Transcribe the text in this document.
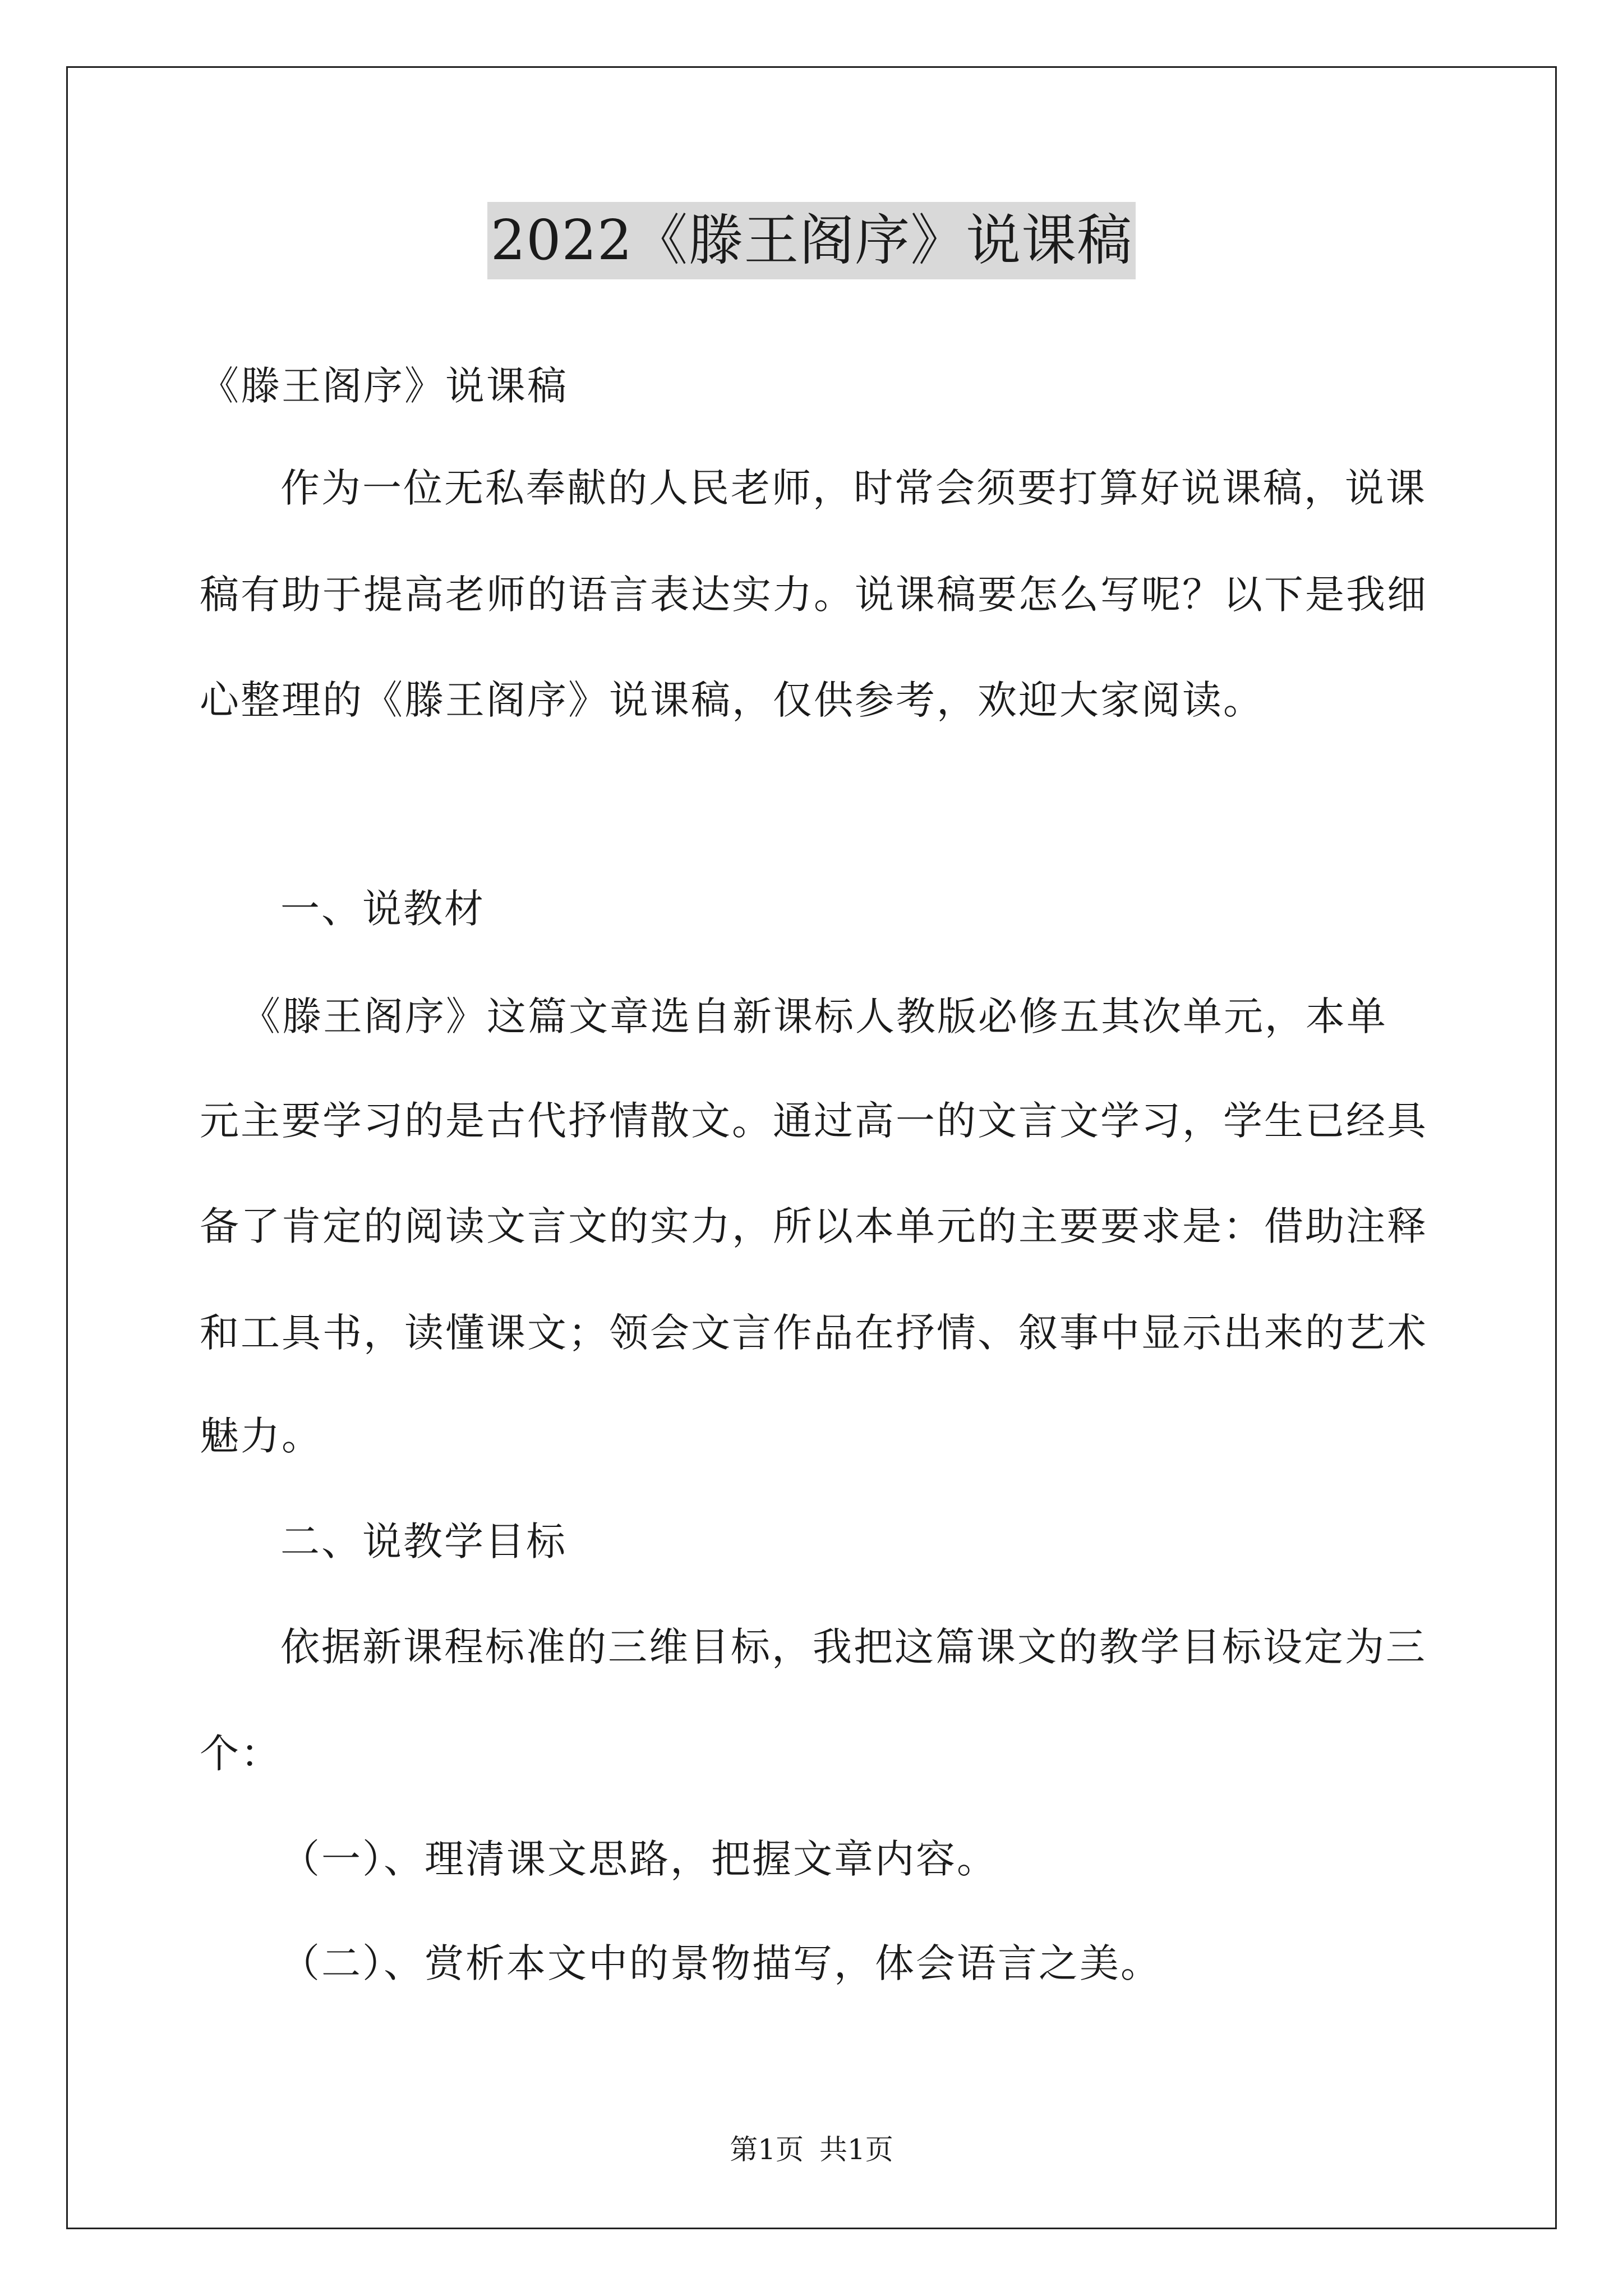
2022《滕王阁序》说课稿
《滕王阁序》说课稿
作为一位无私奉献的人民老师，时常会须要打算好说课稿，说课
稿有助于提高老师的语言表达实力。说课稿要怎么写呢？以下是我细
心整理的《滕王阁序》说课稿，仅供参考，欢迎大家阅读。
一、说教材
《滕王阁序》这篇文章选自新课标人教版必修五其次单元，本单
元主要学习的是古代抒情散文。通过高一的文言文学习，学生已经具
备了肯定的阅读文言文的实力，所以本单元的主要要求是：借助注释
和工具书，读懂课文；领会文言作品在抒情、叙事中显示出来的艺术
魅力。
二、说教学目标
依据新课程标准的三维目标，我把这篇课文的教学目标设定为三
个：
（一）、理清课文思路，把握文章内容。
（二）、赏析本文中的景物描写，体会语言之美。
第1页 共1页
